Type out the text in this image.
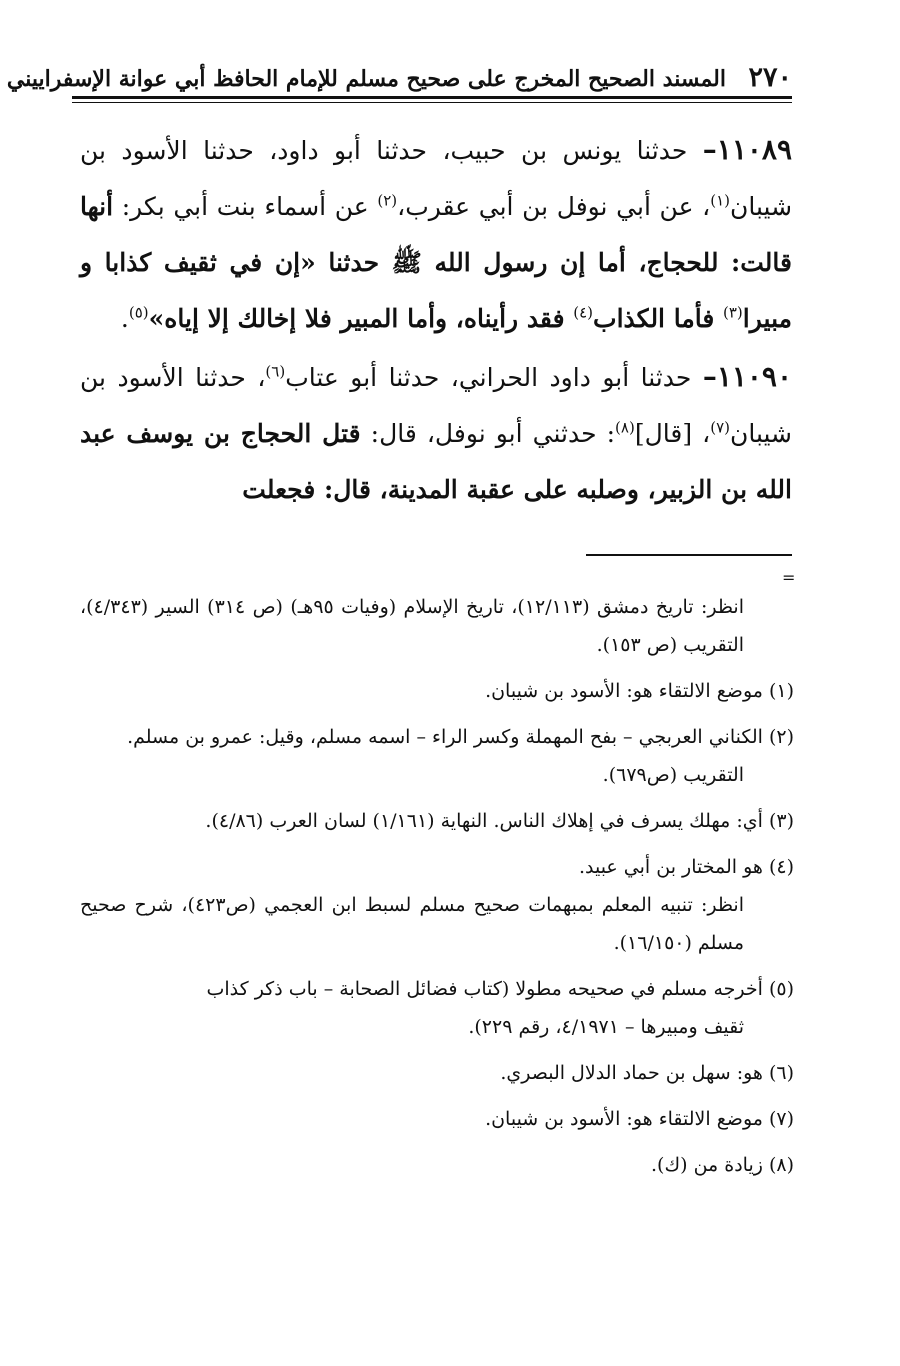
٢٧٠
المسند الصحيح المخرج على صحيح مسلم للإمام الحافظ أبي عوانة الإسفراييني

١١٠٨٩– حدثنا يونس بن حبيب، حدثنا أبو داود، حدثنا الأسود بن شيبان$^{(١)}$، عن أبي نوفل بن أبي عقرب،$^{(٢)}$ عن أسماء بنت أبي بكر: أنها قالت: للحجاج، أما إن رسول الله ﷺ حدثنا «إن في ثقيف كذابا و مبيرا$^{(٣)}$ فأما الكذاب$^{(٤)}$ فقد رأيناه، وأما المبير فلا إخالك إلا إياه»$^{(٥)}$.

١١٠٩٠– حدثنا أبو داود الحراني، حدثنا أبو عتاب$^{(٦)}$، حدثنا الأسود بن شيبان$^{(٧)}$، [قال]$^{(٨)}$: حدثني أبو نوفل، قال: قتل الحجاج بن يوسف عبد الله بن الزبير، وصلبه على عقبة المدينة، قال: فجعلت

=

انظر: تاريخ دمشق (١٢/١١٣)، تاريخ الإسلام (وفيات ٩٥هـ) (ص ٣١٤) السير (٤/٣٤٣)، التقريب (ص ١٥٣).

(١)موضع الالتقاء هو: الأسود بن شيبان.

(٢)الكناني العربجي – بفح المهملة وكسر الراء – اسمه مسلم، وقيل: عمرو بن مسلم.
التقريب (ص٦٧٩).

(٣)أي: مهلك يسرف في إهلاك الناس. النهاية (١/١٦١) لسان العرب (٤/٨٦).

(٤)هو المختار بن أبي عبيد.
انظر: تنبيه المعلم بمبهمات صحيح مسلم لسبط ابن العجمي (ص٤٢٣)، شرح صحيح مسلم (١٦/١٥٠).

(٥)أخرجه مسلم في صحيحه مطولا (كتاب فضائل الصحابة – باب ذكر كذاب
ثقيف ومبيرها – ٤/١٩٧١، رقم ٢٢٩).

(٦)هو: سهل بن حماد الدلال البصري.

(٧)موضع الالتقاء هو: الأسود بن شيبان.

(٨)زيادة من (ك).
